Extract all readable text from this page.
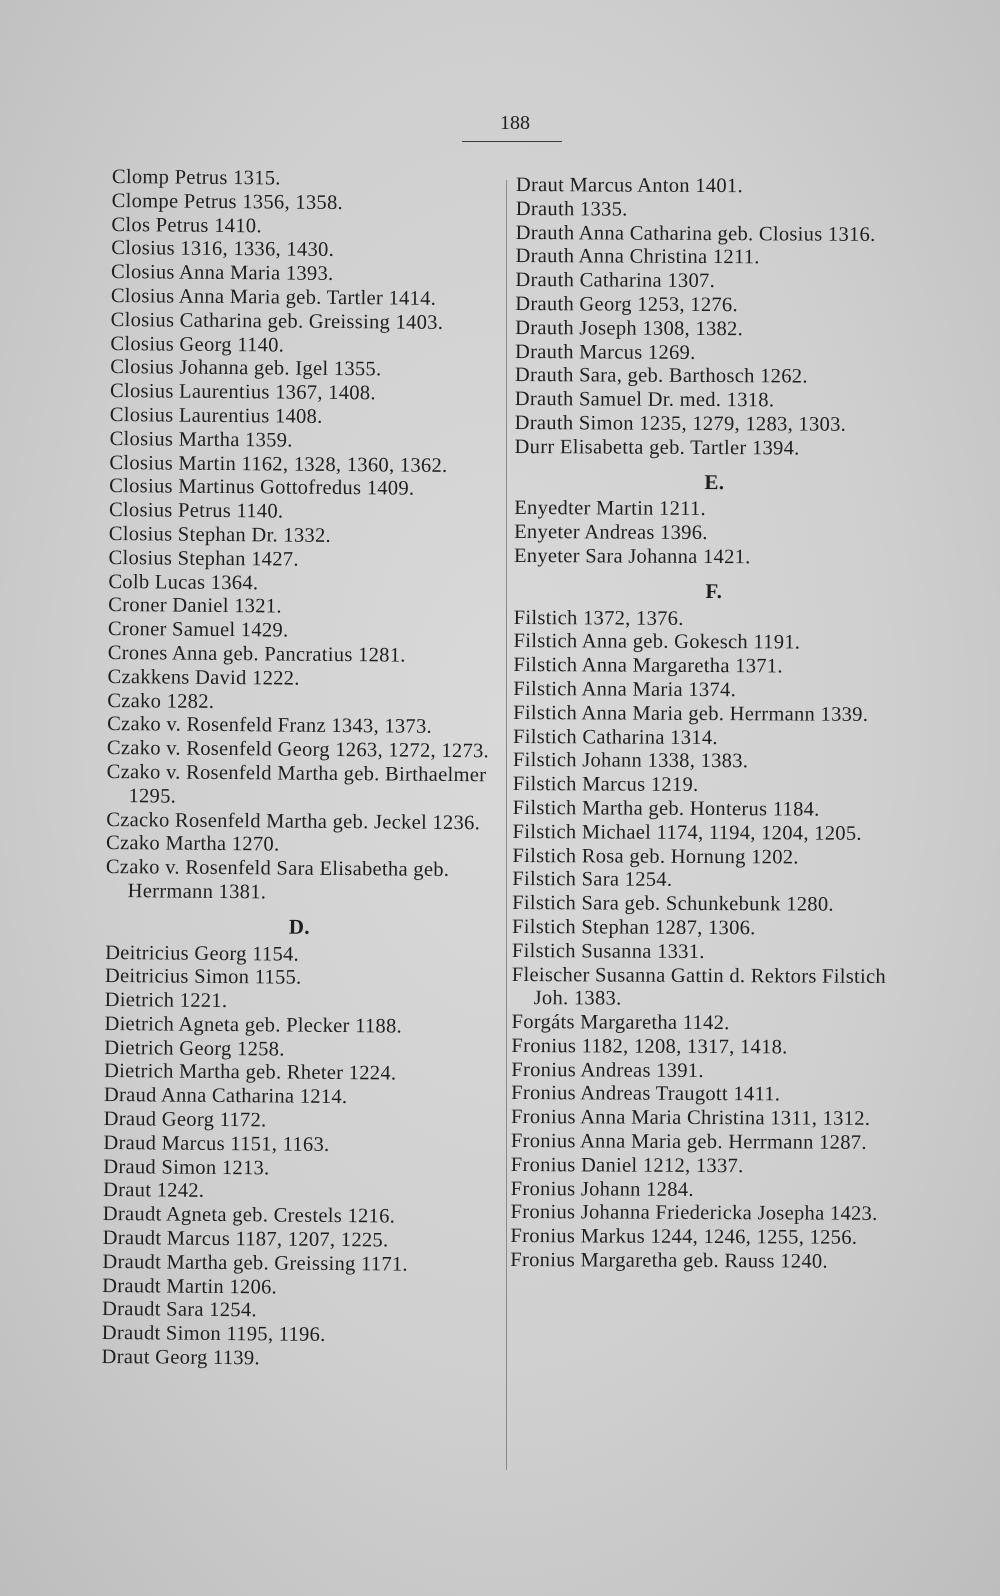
188
Clomp Petrus 1315.
Clompe Petrus 1356, 1358.
Clos Petrus 1410.
Closius 1316, 1336, 1430.
Closius Anna Maria 1393.
Closius Anna Maria geb. Tartler 1414.
Closius Catharina geb. Greissing 1403.
Closius Georg 1140.
Closius Johanna geb. Igel 1355.
Closius Laurentius 1367, 1408.
Closius Laurentius 1408.
Closius Martha 1359.
Closius Martin 1162, 1328, 1360, 1362.
Closius Martinus Gottofredus 1409.
Closius Petrus 1140.
Closius Stephan Dr. 1332.
Closius Stephan 1427.
Colb Lucas 1364.
Croner Daniel 1321.
Croner Samuel 1429.
Crones Anna geb. Pancratius 1281.
Czakkens David 1222.
Czako 1282.
Czako v. Rosenfeld Franz 1343, 1373.
Czako v. Rosenfeld Georg 1263, 1272, 1273.
Czako v. Rosenfeld Martha geb. Birthaelmer 1295.
Czacko Rosenfeld Martha geb. Jeckel 1236.
Czako Martha 1270.
Czako v. Rosenfeld Sara Elisabetha geb. Herrmann 1381.
D.
Deitricius Georg 1154.
Deitricius Simon 1155.
Dietrich 1221.
Dietrich Agneta geb. Plecker 1188.
Dietrich Georg 1258.
Dietrich Martha geb. Rheter 1224.
Draud Anna Catharina 1214.
Draud Georg 1172.
Draud Marcus 1151, 1163.
Draud Simon 1213.
Draut 1242.
Draudt Agneta geb. Crestels 1216.
Draudt Marcus 1187, 1207, 1225.
Draudt Martha geb. Greissing 1171.
Draudt Martin 1206.
Draudt Sara 1254.
Draudt Simon 1195, 1196.
Draut Georg 1139.
Draut Marcus Anton 1401.
Drauth 1335.
Drauth Anna Catharina geb. Closius 1316.
Drauth Anna Christina 1211.
Drauth Catharina 1307.
Drauth Georg 1253, 1276.
Drauth Joseph 1308, 1382.
Drauth Marcus 1269.
Drauth Sara, geb. Barthosch 1262.
Drauth Samuel Dr. med. 1318.
Drauth Simon 1235, 1279, 1283, 1303.
Durr Elisabetta geb. Tartler 1394.
E.
Enyedter Martin 1211.
Enyeter Andreas 1396.
Enyeter Sara Johanna 1421.
F.
Filstich 1372, 1376.
Filstich Anna geb. Gokesch 1191.
Filstich Anna Margaretha 1371.
Filstich Anna Maria 1374.
Filstich Anna Maria geb. Herrmann 1339.
Filstich Catharina 1314.
Filstich Johann 1338, 1383.
Filstich Marcus 1219.
Filstich Martha geb. Honterus 1184.
Filstich Michael 1174, 1194, 1204, 1205.
Filstich Rosa geb. Hornung 1202.
Filstich Sara 1254.
Filstich Sara geb. Schunkebunk 1280.
Filstich Stephan 1287, 1306.
Filstich Susanna 1331.
Fleischer Susanna Gattin d. Rektors Filstich Joh. 1383.
Forgáts Margaretha 1142.
Fronius 1182, 1208, 1317, 1418.
Fronius Andreas 1391.
Fronius Andreas Traugott 1411.
Fronius Anna Maria Christina 1311, 1312.
Fronius Anna Maria geb. Herrmann 1287.
Fronius Daniel 1212, 1337.
Fronius Johann 1284.
Fronius Johanna Friedericka Josepha 1423.
Fronius Markus 1244, 1246, 1255, 1256.
Fronius Margaretha geb. Rauss 1240.
